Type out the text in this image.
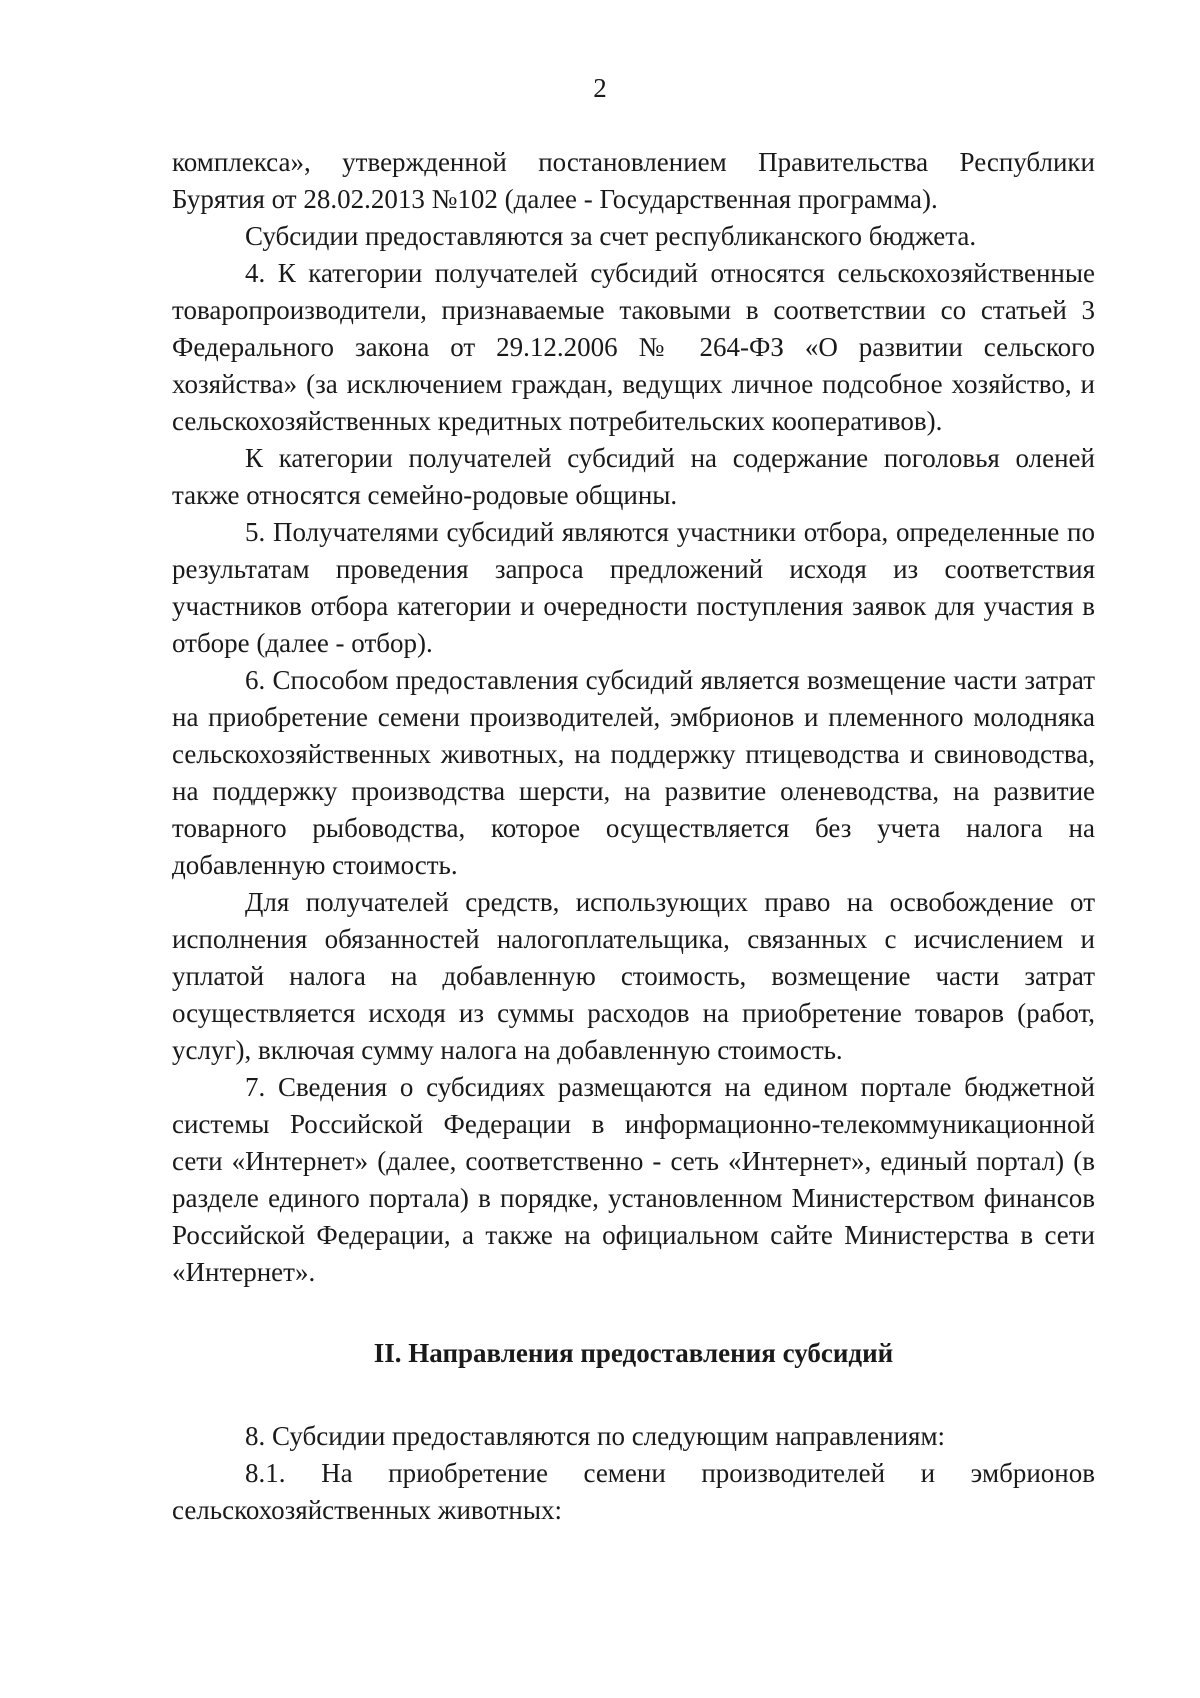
2

комплекса», утвержденной постановлением Правительства Республики Бурятия от 28.02.2013 №102 (далее - Государственная программа).

Субсидии предоставляются за счет республиканского бюджета.

4. К категории получателей субсидий относятся сельскохозяйственные товаропроизводители, признаваемые таковыми в соответствии со статьей 3 Федерального закона от 29.12.2006 № 264-ФЗ «О развитии сельского хозяйства» (за исключением граждан, ведущих личное подсобное хозяйство, и сельскохозяйственных кредитных потребительских кооперативов).

К категории получателей субсидий на содержание поголовья оленей также относятся семейно-родовые общины.

5. Получателями субсидий являются участники отбора, определенные по результатам проведения запроса предложений исходя из соответствия участников отбора категории и очередности поступления заявок для участия в отборе (далее - отбор).

6. Способом предоставления субсидий является возмещение части затрат на приобретение семени производителей, эмбрионов и племенного молодняка сельскохозяйственных животных, на поддержку птицеводства и свиноводства, на поддержку производства шерсти, на развитие оленеводства, на развитие товарного рыбоводства, которое осуществляется без учета налога на добавленную стоимость.

Для получателей средств, использующих право на освобождение от исполнения обязанностей налогоплательщика, связанных с исчислением и уплатой налога на добавленную стоимость, возмещение части затрат осуществляется исходя из суммы расходов на приобретение товаров (работ, услуг), включая сумму налога на добавленную стоимость.

7. Сведения о субсидиях размещаются на едином портале бюджетной системы Российской Федерации в информационно-телекоммуникационной сети «Интернет» (далее, соответственно - сеть «Интернет», единый портал) (в разделе единого портала) в порядке, установленном Министерством финансов Российской Федерации, а также на официальном сайте Министерства в сети «Интернет».

II. Направления предоставления субсидий

8. Субсидии предоставляются по следующим направлениям:

8.1. На приобретение семени производителей и эмбрионов сельскохозяйственных животных:
